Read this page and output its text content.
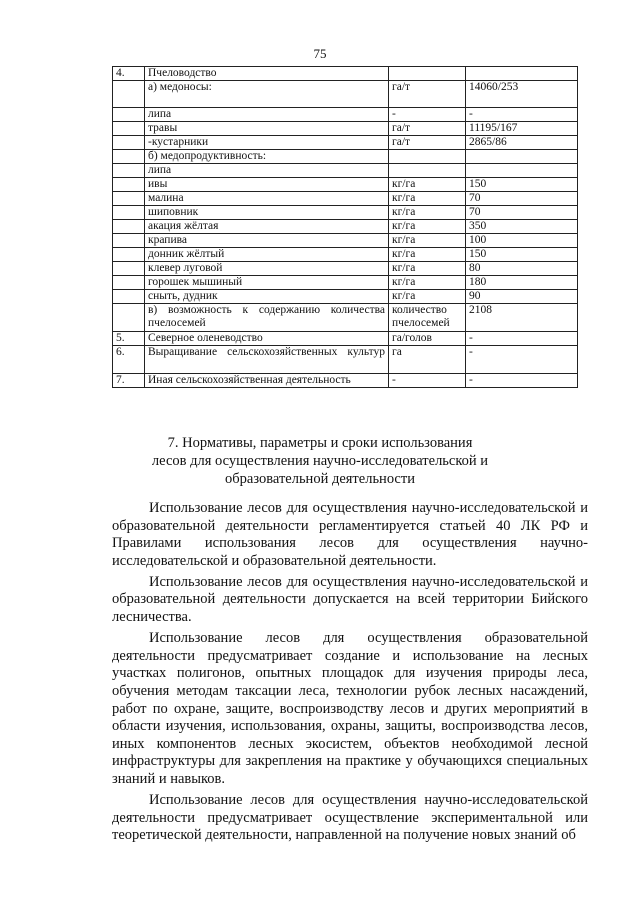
75
4.	Пчеловодство		
	а) медоносы:	га/т	14060/253
	липа	-	-
	травы	га/т	11195/167
	-кустарники	га/т	2865/86
	б) медопродуктивность:		
	липа		
	ивы	кг/га	150
	малина	кг/га	70
	шиповник	кг/га	70
	акация жёлтая	кг/га	350
	крапива	кг/га	100
	донник жёлтый	кг/га	150
	клевер луговой	кг/га	80
	горошек мышиный	кг/га	180
	сныть, дудник	кг/га	90
	в) возможность к содержанию количества пчелосемей	количество пчелосемей	2108
5.	Северное оленеводство	га/голов	-
6.	Выращивание сельскохозяйственных культур	га	-
7.	Иная сельскохозяйственная деятельность	-	-
7. Нормативы, параметры и сроки использования
лесов для осуществления научно-исследовательской и
образовательной деятельности

Использование лесов для осуществления научно-исследовательской и образовательной деятельности регламентируется статьей 40 ЛК РФ и Правилами использования лесов для осуществления научно-исследовательской и образовательной деятельности.

Использование лесов для осуществления научно-исследовательской и образовательной деятельности допускается на всей территории Бийского лесничества.

Использование лесов для осуществления образовательной деятельности предусматривает создание и использование на лесных участках полигонов, опытных площадок для изучения природы леса, обучения методам таксации леса, технологии рубок лесных насаждений, работ по охране, защите, воспроизводству лесов и других мероприятий в области изучения, использования, охраны, защиты, воспроизводства лесов, иных компонентов лесных экосистем, объектов необходимой лесной инфраструктуры для закрепления на практике у обучающихся специальных знаний и навыков.

Использование лесов для осуществления научно-исследовательской деятельности предусматривает осуществление экспериментальной или теоретической деятельности, направленной на получение новых знаний об
